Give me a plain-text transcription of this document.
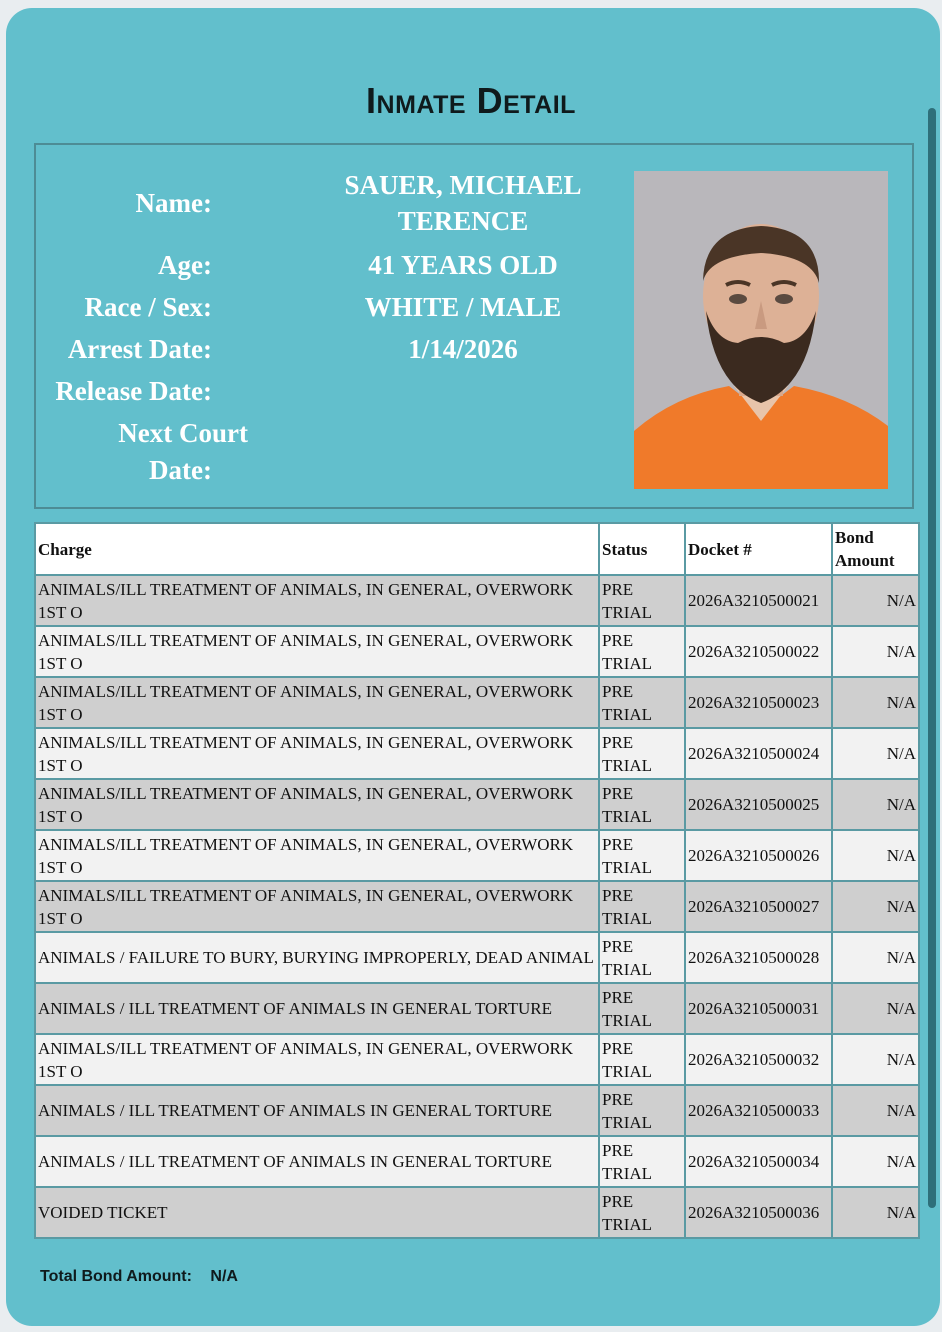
Inmate Detail
Name:
SAUER, MICHAEL
TERENCE
Age:	41 YEARS OLD
Race / Sex:	WHITE / MALE
Arrest Date:	1/14/2026
Release Date:
Next Court
Date:
Charge	Status	Docket #	Bond Amount
ANIMALS/ILL TREATMENT OF ANIMALS, IN GENERAL, OVERWORK 1ST O	PRE TRIAL	2026A3210500021	N/A
ANIMALS/ILL TREATMENT OF ANIMALS, IN GENERAL, OVERWORK 1ST O	PRE TRIAL	2026A3210500022	N/A
ANIMALS/ILL TREATMENT OF ANIMALS, IN GENERAL, OVERWORK 1ST O	PRE TRIAL	2026A3210500023	N/A
ANIMALS/ILL TREATMENT OF ANIMALS, IN GENERAL, OVERWORK 1ST O	PRE TRIAL	2026A3210500024	N/A
ANIMALS/ILL TREATMENT OF ANIMALS, IN GENERAL, OVERWORK 1ST O	PRE TRIAL	2026A3210500025	N/A
ANIMALS/ILL TREATMENT OF ANIMALS, IN GENERAL, OVERWORK 1ST O	PRE TRIAL	2026A3210500026	N/A
ANIMALS/ILL TREATMENT OF ANIMALS, IN GENERAL, OVERWORK 1ST O	PRE TRIAL	2026A3210500027	N/A
ANIMALS / FAILURE TO BURY, BURYING IMPROPERLY, DEAD ANIMAL	PRE TRIAL	2026A3210500028	N/A
ANIMALS / ILL TREATMENT OF ANIMALS IN GENERAL TORTURE	PRE TRIAL	2026A3210500031	N/A
ANIMALS/ILL TREATMENT OF ANIMALS, IN GENERAL, OVERWORK 1ST O	PRE TRIAL	2026A3210500032	N/A
ANIMALS / ILL TREATMENT OF ANIMALS IN GENERAL TORTURE	PRE TRIAL	2026A3210500033	N/A
ANIMALS / ILL TREATMENT OF ANIMALS IN GENERAL TORTURE	PRE TRIAL	2026A3210500034	N/A
VOIDED TICKET	PRE TRIAL	2026A3210500036	N/A
Total Bond Amount: N/A
